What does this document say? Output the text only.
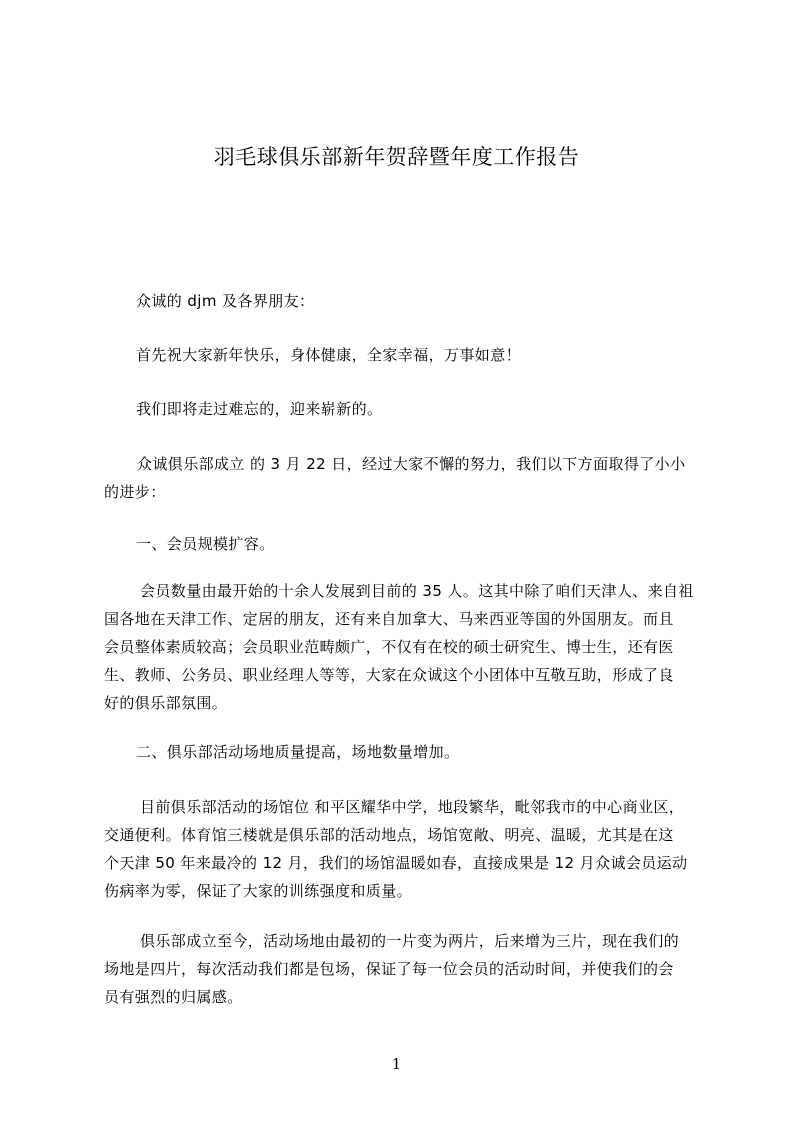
羽毛球俱乐部新年贺辞暨年度工作报告

众诚的 djm 及各界朋友：

首先祝大家新年快乐，身体健康，全家幸福，万事如意！

我们即将走过难忘的，迎来崭新的。

众诚俱乐部成立 的 3 月 22 日，经过大家不懈的努力，我们以下方面取得了小小
的进步：

一、会员规模扩容。

会员数量由最开始的十余人发展到目前的 35 人。这其中除了咱们天津人、来自祖
国各地在天津工作、定居的朋友，还有来自加拿大、马来西亚等国的外国朋友。而且
会员整体素质较高；会员职业范畴颇广，不仅有在校的硕士研究生、博士生，还有医
生、教师、公务员、职业经理人等等，大家在众诚这个小团体中互敬互助，形成了良
好的俱乐部氛围。

二、俱乐部活动场地质量提高，场地数量增加。

目前俱乐部活动的场馆位 和平区耀华中学，地段繁华，毗邻我市的中心商业区，
交通便利。体育馆三楼就是俱乐部的活动地点，场馆宽敞、明亮、温暖，尤其是在这
个天津 50 年来最冷的 12 月，我们的场馆温暖如春，直接成果是 12 月众诚会员运动
伤病率为零，保证了大家的训练强度和质量。

俱乐部成立至今，活动场地由最初的一片变为两片，后来增为三片，现在我们的
场地是四片，每次活动我们都是包场，保证了每一位会员的活动时间，并使我们的会
员有强烈的归属感。

1
